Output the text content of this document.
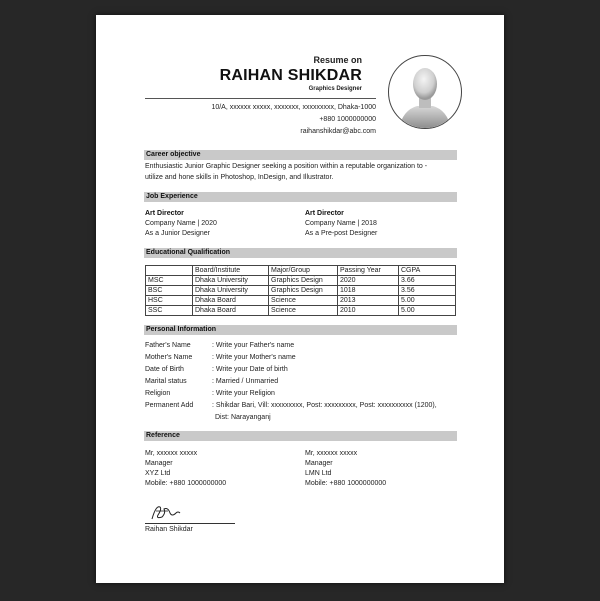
Resume on
RAIHAN SHIKDAR
Graphics Designer
10/A, xxxxxx xxxxx, xxxxxxx, xxxxxxxxx, Dhaka-1000
+880 1000000000
raihanshikdar@abc.com
Career objective
Enthusiastic Junior Graphic Designer seeking a position within a reputable organization to -
utilize and hone skills in Photoshop, InDesign, and Illustrator.
Job Experience
Art Director
Company Name | 2020
As a Junior Designer
Art Director
Company Name | 2018
As a Pre-post Designer
Educational Qualification
	Board/Institute	Major/Group	Passing Year	CGPA
MSC	Dhaka University	Graphics Design	2020	3.66
BSC	Dhaka University	Graphics Design	1018	3.56
HSC	Dhaka Board	Science	2013	5.00
SSC	Dhaka Board	Science	2010	5.00
Personal Information
Father's Name	: Write your Father's name
Mother's Name	: Write your Mother's name
Date of Birth	: Write your Date of birth
Marital status	: Married / Unmarried
Religion	: Write your Religion
Permanent Add	: Shikdar Bari, Vill: xxxxxxxxx, Post: xxxxxxxxx, Post: xxxxxxxxxx (1200),
Dist: Narayanganj
Reference
Mr, xxxxxx xxxxx
Manager
XYZ Ltd
Mobile: +880 1000000000
Mr, xxxxxx xxxxx
Manager
LMN Ltd
Mobile: +880 1000000000
Raihan Shikdar
